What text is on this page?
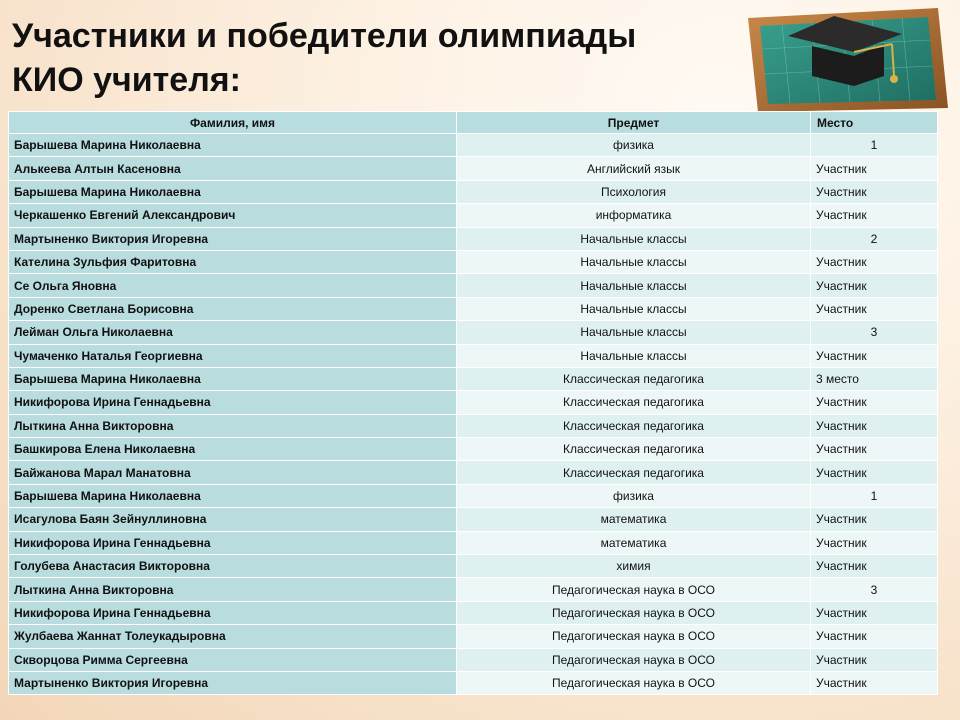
Участники и победители олимпиады
КИО учителя:
Фамилия, имя	Предмет	Место
Барышева Марина Николаевна	физика	1
Алькеева Алтын Касеновна	Английский язык	Участник
Барышева Марина Николаевна	Психология	Участник
Черкашенко Евгений Александрович	информатика	Участник
Мартыненко Виктория Игоревна	Начальные классы	2
Кателина Зульфия Фаритовна	Начальные классы	Участник
Се Ольга Яновна	Начальные классы	Участник
Доренко Светлана Борисовна	Начальные классы	Участник
Лейман Ольга Николаевна	Начальные классы	3
Чумаченко Наталья Георгиевна	Начальные классы	Участник
Барышева Марина Николаевна	Классическая педагогика	3 место
Никифорова Ирина Геннадьевна	Классическая педагогика	Участник
Лыткина Анна Викторовна	Классическая педагогика	Участник
Башкирова Елена Николаевна	Классическая педагогика	Участник
Байжанова Марал Манатовна	Классическая педагогика	Участник
Барышева Марина Николаевна	физика	1
Исагулова Баян Зейнуллиновна	математика	Участник
Никифорова Ирина Геннадьевна	математика	Участник
Голубева Анастасия Викторовна	химия	Участник
Лыткина Анна Викторовна	Педагогическая наука в ОСО	3
Никифорова Ирина Геннадьевна	Педагогическая наука в ОСО	Участник
Жулбаева Жаннат Толеукадыровна	Педагогическая наука в ОСО	Участник
Скворцова Римма Сергеевна	Педагогическая наука в ОСО	Участник
Мартыненко Виктория Игоревна	Педагогическая наука в ОСО	Участник
